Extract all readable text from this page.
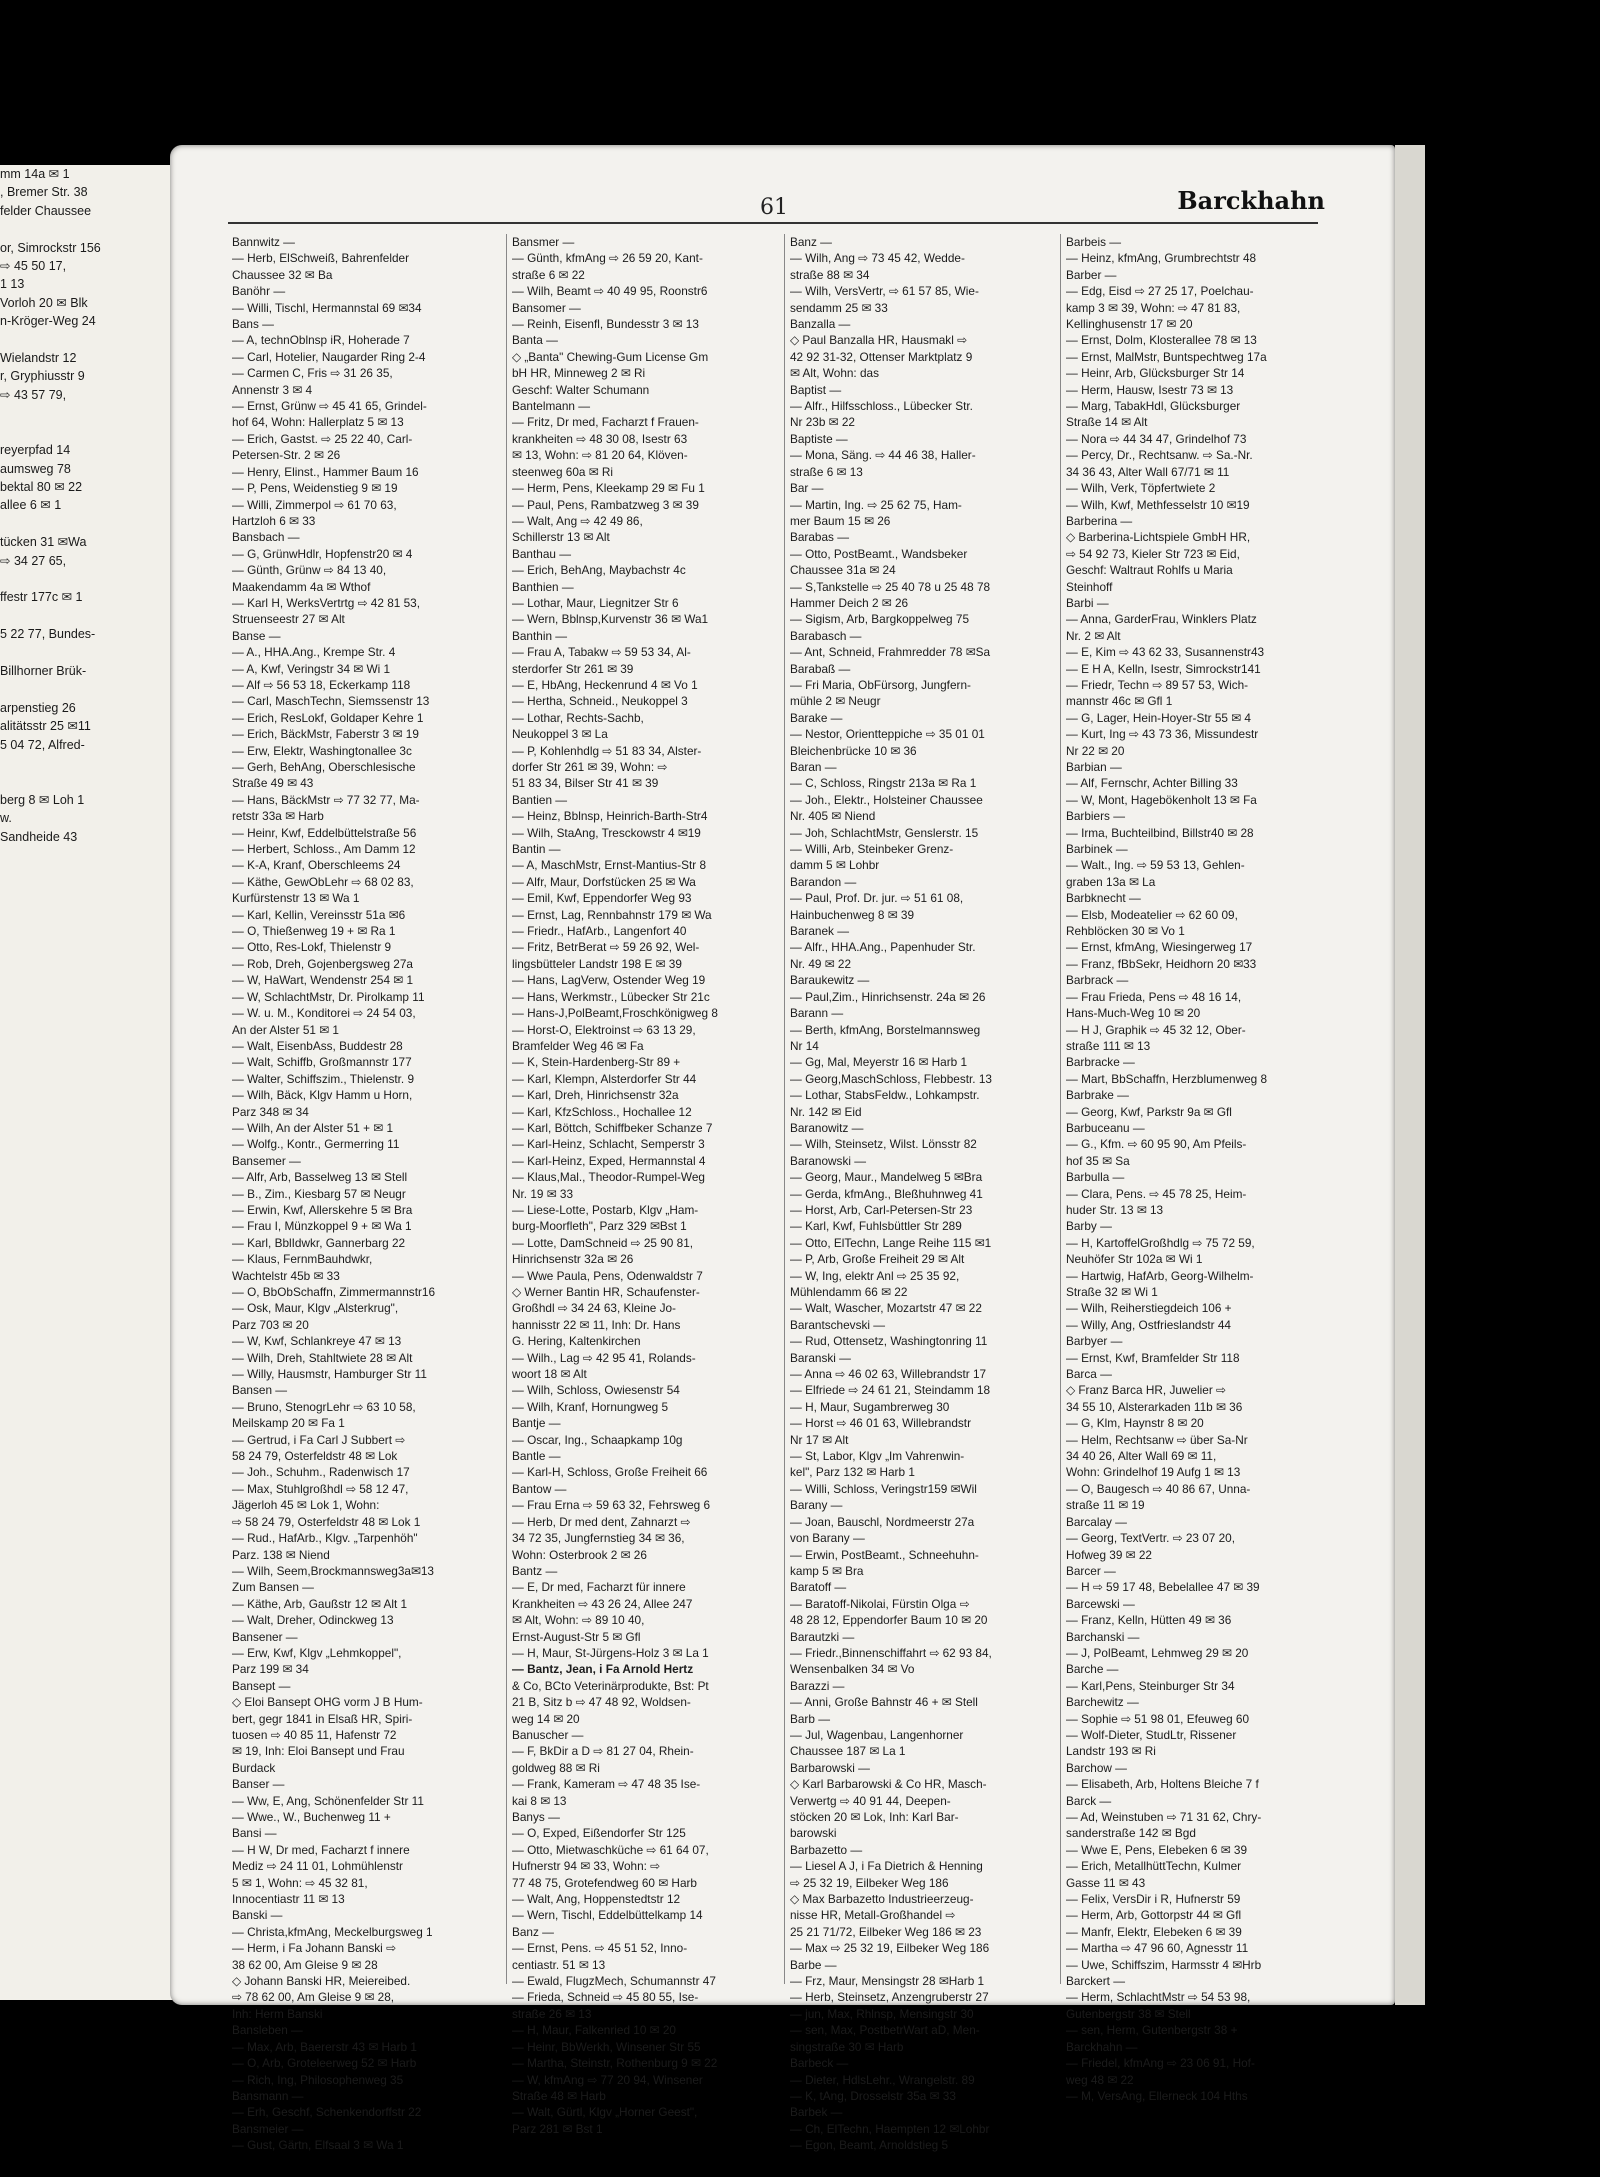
mm 14a ✉ 1
, Bremer Str. 38
felder Chaussee

or, Simrockstr 156
⇨ 45 50 17,
1 13
Vorloh 20 ✉ Blk
n-Kröger-Weg 24

Wielandstr 12
r, Gryphiusstr 9
⇨ 43 57 79,

reyerpfad 14
aumsweg 78
bektal 80 ✉ 22
allee 6 ✉ 1

tücken 31 ✉Wa
⇨ 34 27 65,

ffestr 177c ✉ 1

5 22 77, Bundes-

Billhorner Brük-

arpenstieg 26
alitätsstr 25 ✉11
5 04 72, Alfred-

berg 8 ✉ Loh 1
w.
Sandheide 43
61	Barckhahn
Bannwitz —
— Herb, ElSchweiß, Bahrenfelder
Chaussee 32 ✉ Ba
Banöhr —
— Willi, Tischl, Hermannstal 69 ✉34
Bans —
— A, technOblnsp iR, Hoherade 7
— Carl, Hotelier, Naugarder Ring 2-4
— Carmen C, Fris ⇨ 31 26 35,
Annenstr 3 ✉ 4
— Ernst, Grünw ⇨ 45 41 65, Grindel-
hof 64, Wohn: Hallerplatz 5 ✉ 13
— Erich, Gastst. ⇨ 25 22 40, Carl-
Petersen-Str. 2 ✉ 26
— Henry, Elinst., Hammer Baum 16
— P, Pens, Weidenstieg 9 ✉ 19
— Willi, Zimmerpol ⇨ 61 70 63,
Hartzloh 6 ✉ 33
Bansbach —
— G, GrünwHdlr, Hopfenstr20 ✉ 4
— Günth, Grünw ⇨ 84 13 40,
Maakendamm 4a ✉ Wthof
— Karl H, WerksVertrtg ⇨ 42 81 53,
Struenseestr 27 ✉ Alt
Banse —
— A., HHA.Ang., Krempe Str. 4
— A, Kwf, Veringstr 34 ✉ Wi 1
— Alf ⇨ 56 53 18, Eckerkamp 118
— Carl, MaschTechn, Siemssenstr 13
— Erich, ResLokf, Goldaper Kehre 1
— Erich, BäckMstr, Faberstr 3 ✉ 19
— Erw, Elektr, Washingtonallee 3c
— Gerh, BehAng, Oberschlesische
Straße 49 ✉ 43
— Hans, BäckMstr ⇨ 77 32 77, Ma-
retstr 33a ✉ Harb
— Heinr, Kwf, Eddelbüttelstraße 56
— Herbert, Schloss., Am Damm 12
— K-A, Kranf, Oberschleems 24
— Käthe, GewObLehr ⇨ 68 02 83,
Kurfürstenstr 13 ✉ Wa 1
— Karl, Kellin, Vereinsstr 51a ✉6
— O, Thießenweg 19 + ✉ Ra 1
— Otto, Res-Lokf, Thielenstr 9
— Rob, Dreh, Gojenbergsweg 27a
— W, HaWart, Wendenstr 254 ✉ 1
— W, SchlachtMstr, Dr. Pirolkamp 11
— W. u. M., Konditorei ⇨ 24 54 03,
An der Alster 51 ✉ 1
— Walt, EisenbAss, Buddestr 28
— Walt, Schiffb, Großmannstr 177
— Walter, Schiffszim., Thielenstr. 9
— Wilh, Bäck, Klgv Hamm u Horn,
Parz 348 ✉ 34
— Wilh, An der Alster 51 + ✉ 1
— Wolfg., Kontr., Germerring 11
Bansemer —
— Alfr, Arb, Basselweg 13 ✉ Stell
— B., Zim., Kiesbarg 57 ✉ Neugr
— Erwin, Kwf, Allerskehre 5 ✉ Bra
— Frau I, Münzkoppel 9 + ✉ Wa 1
— Karl, BblIdwkr, Gannerbarg 22
— Klaus, FernmBauhdwkr,
Wachtelstr 45b ✉ 33
— O, BbObSchaffn, Zimmermannstr16
— Osk, Maur, Klgv „Alsterkrug",
Parz 703 ✉ 20
— W, Kwf, Schlankreye 47 ✉ 13
— Wilh, Dreh, Stahltwiete 28 ✉ Alt
— Willy, Hausmstr, Hamburger Str 11
Bansen —
— Bruno, StenogrLehr ⇨ 63 10 58,
Meilskamp 20 ✉ Fa 1
— Gertrud, i Fa Carl J Subbert ⇨
58 24 79, Osterfeldstr 48 ✉ Lok
— Joh., Schuhm., Radenwisch 17
— Max, Stuhlgroßhdl ⇨ 58 12 47,
Jägerloh 45 ✉ Lok 1, Wohn:
⇨ 58 24 79, Osterfeldstr 48 ✉ Lok 1
— Rud., HafArb., Klgv. „Tarpenhöh"
Parz. 138 ✉ Niend
— Wilh, Seem,Brockmannsweg3a✉13
Zum Bansen —
— Käthe, Arb, Gaußstr 12 ✉ Alt 1
— Walt, Dreher, Odinckweg 13
Bansener —
— Erw, Kwf, Klgv „Lehmkoppel",
Parz 199 ✉ 34
Bansept —
◇ Eloi Bansept OHG vorm J B Hum-
bert, gegr 1841 in Elsaß HR, Spiri-
tuosen ⇨ 40 85 11, Hafenstr 72
✉ 19, Inh: Eloi Bansept und Frau
Burdack
Banser —
— Ww, E, Ang, Schönenfelder Str 11
— Wwe., W., Buchenweg 11 +
Bansi —
— H W, Dr med, Facharzt f innere
Mediz ⇨ 24 11 01, Lohmühlenstr
5 ✉ 1, Wohn: ⇨ 45 32 81,
Innocentiastr 11 ✉ 13
Banski —
— Christa,kfmAng, Meckelburgsweg 1
— Herm, i Fa Johann Banski ⇨
38 62 00, Am Gleise 9 ✉ 28
◇ Johann Banski HR, Meiereibed.
⇨ 78 62 00, Am Gleise 9 ✉ 28,
Inh: Herm Banski
Bansleben —
— Max, Arb, Baererstr 43 ✉ Harb 1
— O, Arb, Groteleerweg 52 ✉ Harb
— Rich, Ing, Philosophenweg 35
Bansmann —
— Erh, Geschf, Schenkendorffstr 22
Bansmeier —
— Gust, Gärtn, Elfsaal 3 ✉ Wa 1
Bansmer —
— Günth, kfmAng ⇨ 26 59 20, Kant-
straße 6 ✉ 22
— Wilh, Beamt ⇨ 40 49 95, Roonstr6
Bansomer —
— Reinh, Eisenfl, Bundesstr 3 ✉ 13
Banta —
◇ „Banta" Chewing-Gum License Gm
bH HR, Minneweg 2 ✉ Ri
Geschf: Walter Schumann
Bantelmann —
— Fritz, Dr med, Facharzt f Frauen-
krankheiten ⇨ 48 30 08, Isestr 63
✉ 13, Wohn: ⇨ 81 20 64, Klöven-
steenweg 60a ✉ Ri
— Herm, Pens, Kleekamp 29 ✉ Fu 1
— Paul, Pens, Rambatzweg 3 ✉ 39
— Walt, Ang ⇨ 42 49 86,
Schillerstr 13 ✉ Alt
Banthau —
— Erich, BehAng, Maybachstr 4c
Banthien —
— Lothar, Maur, Liegnitzer Str 6
— Wern, Bblnsp,Kurvenstr 36 ✉ Wa1
Banthin —
— Frau A, Tabakw ⇨ 59 53 34, Al-
sterdorfer Str 261 ✉ 39
— E, HbAng, Heckenrund 4 ✉ Vo 1
— Hertha, Schneid., Neukoppel 3
— Lothar, Rechts-Sachb,
Neukoppel 3 ✉ La
— P, Kohlenhdlg ⇨ 51 83 34, Alster-
dorfer Str 261 ✉ 39, Wohn: ⇨
51 83 34, Bilser Str 41 ✉ 39
Bantien —
— Heinz, Bblnsp, Heinrich-Barth-Str4
— Wilh, StaAng, Tresckowstr 4 ✉19
Bantin —
— A, MaschMstr, Ernst-Mantius-Str 8
— Alfr, Maur, Dorfstücken 25 ✉ Wa
— Emil, Kwf, Eppendorfer Weg 93
— Ernst, Lag, Rennbahnstr 179 ✉ Wa
— Friedr., HafArb., Langenfort 40
— Fritz, BetrBerat ⇨ 59 26 92, Wel-
lingsbütteler Landstr 198 E ✉ 39
— Hans, LagVerw, Ostender Weg 19
— Hans, Werkmstr., Lübecker Str 21c
— Hans-J,PolBeamt,Froschkönigweg 8
— Horst-O, Elektroinst ⇨ 63 13 29,
Bramfelder Weg 46 ✉ Fa
— K, Stein-Hardenberg-Str 89 +
— Karl, Klempn, Alsterdorfer Str 44
— Karl, Dreh, Hinrichsenstr 32a
— Karl, KfzSchloss., Hochallee 12
— Karl, Böttch, Schiffbeker Schanze 7
— Karl-Heinz, Schlacht, Semperstr 3
— Karl-Heinz, Exped, Hermannstal 4
— Klaus,Mal., Theodor-Rumpel-Weg
Nr. 19 ✉ 33
— Liese-Lotte, Postarb, Klgv „Ham-
burg-Moorfleth", Parz 329 ✉Bst 1
— Lotte, DamSchneid ⇨ 25 90 81,
Hinrichsenstr 32a ✉ 26
— Wwe Paula, Pens, Odenwaldstr 7
◇ Werner Bantin HR, Schaufenster-
Großhdl ⇨ 34 24 63, Kleine Jo-
hannisstr 22 ✉ 11, Inh: Dr. Hans
G. Hering, Kaltenkirchen
— Wilh., Lag ⇨ 42 95 41, Rolands-
woort 18 ✉ Alt
— Wilh, Schloss, Owiesenstr 54
— Wilh, Kranf, Hornungweg 5
Bantje —
— Oscar, Ing., Schaapkamp 10g
Bantle —
— Karl-H, Schloss, Große Freiheit 66
Bantow —
— Frau Erna ⇨ 59 63 32, Fehrsweg 6
— Herb, Dr med dent, Zahnarzt ⇨
34 72 35, Jungfernstieg 34 ✉ 36,
Wohn: Osterbrook 2 ✉ 26
Bantz —
— E, Dr med, Facharzt für innere
Krankheiten ⇨ 43 26 24, Allee 247
✉ Alt, Wohn: ⇨ 89 10 40,
Ernst-August-Str 5 ✉ Gfl
— H, Maur, St-Jürgens-Holz 3 ✉ La 1
— Bantz, Jean, i Fa Arnold Hertz
& Co, BCto Veterinärprodukte, Bst: Pt
21 B, Sitz b ⇨ 47 48 92, Woldsen-
weg 14 ✉ 20
Banuscher —
— F, BkDir a D ⇨ 81 27 04, Rhein-
goldweg 88 ✉ Ri
— Frank, Kameram ⇨ 47 48 35 Ise-
kai 8 ✉ 13
Banys —
— O, Exped, Eißendorfer Str 125
— Otto, Mietwaschküche ⇨ 61 64 07,
Hufnerstr 94 ✉ 33, Wohn: ⇨
77 48 75, Grotefendweg 60 ✉ Harb
— Walt, Ang, Hoppenstedtstr 12
— Wern, Tischl, Eddelbüttelkamp 14
Banz —
— Ernst, Pens. ⇨ 45 51 52, Inno-
centiastr. 51 ✉ 13
— Ewald, FlugzMech, Schumannstr 47
— Frieda, Schneid ⇨ 45 80 55, Ise-
straße 26 ✉ 13
— H, Maur, Falkenried 10 ✉ 20
— Heinr, BbWerkh, Winsener Str 55
— Martha, Steinstr, Rothenburg 9 ✉ 22
— W, kfmAng ⇨ 77 20 94, Winsener
Straße 48 ✉ Harb
— Walt, Gürtl, Klgv „Horner Geest",
Parz 281 ✉ Bst 1
Banz —
— Wilh, Ang ⇨ 73 45 42, Wedde-
straße 88 ✉ 34
— Wilh, VersVertr, ⇨ 61 57 85, Wie-
sendamm 25 ✉ 33
Banzalla —
◇ Paul Banzalla HR, Hausmakl ⇨
42 92 31-32, Ottenser Marktplatz 9
✉ Alt, Wohn: das
Baptist —
— Alfr., Hilfsschloss., Lübecker Str.
Nr 23b ✉ 22
Baptiste —
— Mona, Säng. ⇨ 44 46 38, Haller-
straße 6 ✉ 13
Bar —
— Martin, Ing. ⇨ 25 62 75, Ham-
mer Baum 15 ✉ 26
Barabas —
— Otto, PostBeamt., Wandsbeker
Chaussee 31a ✉ 24
— S,Tankstelle ⇨ 25 40 78 u 25 48 78
Hammer Deich 2 ✉ 26
— Sigism, Arb, Bargkoppelweg 75
Barabasch —
— Ant, Schneid, Frahmredder 78 ✉Sa
Barabaß —
— Fri Maria, ObFürsorg, Jungfern-
mühle 2 ✉ Neugr
Barake —
— Nestor, Orientteppiche ⇨ 35 01 01
Bleichenbrücke 10 ✉ 36
Baran —
— C, Schloss, Ringstr 213a ✉ Ra 1
— Joh., Elektr., Holsteiner Chaussee
Nr. 405 ✉ Niend
— Joh, SchlachtMstr, Genslerstr. 15
— Willi, Arb, Steinbeker Grenz-
damm 5 ✉ Lohbr
Barandon —
— Paul, Prof. Dr. jur. ⇨ 51 61 08,
Hainbuchenweg 8 ✉ 39
Baranek —
— Alfr., HHA.Ang., Papenhuder Str.
Nr. 49 ✉ 22
Baraukewitz —
— Paul,Zim., Hinrichsenstr. 24a ✉ 26
Barann —
— Berth, kfmAng, Borstelmannsweg
Nr 14
— Gg, Mal, Meyerstr 16 ✉ Harb 1
— Georg,MaschSchloss, Flebbestr. 13
— Lothar, StabsFeldw., Lohkampstr.
Nr. 142 ✉ Eid
Baranowitz —
— Wilh, Steinsetz, Wilst. Lönsstr 82
Baranowski —
— Georg, Maur., Mandelweg 5 ✉Bra
— Gerda, kfmAng., Bleßhuhnweg 41
— Horst, Arb, Carl-Petersen-Str 23
— Karl, Kwf, Fuhlsbüttler Str 289
— Otto, ElTechn, Lange Reihe 115 ✉1
— P, Arb, Große Freiheit 29 ✉ Alt
— W, Ing, elektr Anl ⇨ 25 35 92,
Mühlendamm 66 ✉ 22
— Walt, Wascher, Mozartstr 47 ✉ 22
Barantschevski —
— Rud, Ottensetz, Washingtonring 11
Baranski —
— Anna ⇨ 46 02 63, Willebrandstr 17
— Elfriede ⇨ 24 61 21, Steindamm 18
— H, Maur, Sugambrerweg 30
— Horst ⇨ 46 01 63, Willebrandstr
Nr 17 ✉ Alt
— St, Labor, Klgv „Im Vahrenwin-
kel", Parz 132 ✉ Harb 1
— Willi, Schloss, Veringstr159 ✉Wil
Barany —
— Joan, Bauschl, Nordmeerstr 27a
von Barany —
— Erwin, PostBeamt., Schneehuhn-
kamp 5 ✉ Bra
Baratoff —
— Baratoff-Nikolai, Fürstin Olga ⇨
48 28 12, Eppendorfer Baum 10 ✉ 20
Barautzki —
— Friedr.,Binnenschiffahrt ⇨ 62 93 84,
Wensenbalken 34 ✉ Vo
Barazzi —
— Anni, Große Bahnstr 46 + ✉ Stell
Barb —
— Jul, Wagenbau, Langenhorner
Chaussee 187 ✉ La 1
Barbarowski —
◇ Karl Barbarowski & Co HR, Masch-
Verwertg ⇨ 40 91 44, Deepen-
stöcken 20 ✉ Lok, Inh: Karl Bar-
barowski
Barbazetto —
— Liesel A J, i Fa Dietrich & Henning
⇨ 25 32 19, Eilbeker Weg 186
◇ Max Barbazetto Industrieerzeug-
nisse HR, Metall-Großhandel ⇨
25 21 71/72, Eilbeker Weg 186 ✉ 23
— Max ⇨ 25 32 19, Eilbeker Weg 186
Barbe —
— Frz, Maur, Mensingstr 28 ✉Harb 1
— Herb, Steinsetz, Anzengruberstr 27
— jun, Max, Rhlnsp, Mensingstr 30
— sen, Max, PostbetrWart aD, Men-
singstraße 30 ✉ Harb
Barbeck —
— Dieter, HdlsLehr., Wrangelstr. 89
— K, tAng, Drosselstr 35a ✉ 33
Barbek —
— Ch, ElTechn, Haempten 12 ✉Lohbr
— Egon, Beamt, Arnoldstieg 5
Barbeis —
— Heinz, kfmAng, Grumbrechtstr 48
Barber —
— Edg, Eisd ⇨ 27 25 17, Poelchau-
kamp 3 ✉ 39, Wohn: ⇨ 47 81 83,
Kellinghusenstr 17 ✉ 20
— Ernst, Dolm, Klosterallee 78 ✉ 13
— Ernst, MalMstr, Buntspechtweg 17a
— Heinr, Arb, Glücksburger Str 14
— Herm, Hausw, Isestr 73 ✉ 13
— Marg, TabakHdl, Glücksburger
Straße 14 ✉ Alt
— Nora ⇨ 44 34 47, Grindelhof 73
— Percy, Dr., Rechtsanw. ⇨ Sa.-Nr.
34 36 43, Alter Wall 67/71 ✉ 11
— Wilh, Verk, Töpfertwiete 2
— Wilh, Kwf, Methfesselstr 10 ✉19
Barberina —
◇ Barberina-Lichtspiele GmbH HR,
⇨ 54 92 73, Kieler Str 723 ✉ Eid,
Geschf: Waltraut Rohlfs u Maria
Steinhoff
Barbi —
— Anna, GarderFrau, Winklers Platz
Nr. 2 ✉ Alt
— E, Kim ⇨ 43 62 33, Susannenstr43
— E H A, Kelln, Isestr, Simrockstr141
— Friedr, Techn ⇨ 89 57 53, Wich-
mannstr 46c ✉ Gfl 1
— G, Lager, Hein-Hoyer-Str 55 ✉ 4
— Kurt, Ing ⇨ 43 73 36, Missundestr
Nr 22 ✉ 20
Barbian —
— Alf, Fernschr, Achter Billing 33
— W, Mont, Hagebökenholt 13 ✉ Fa
Barbiers —
— Irma, Buchteilbind, Billstr40 ✉ 28
Barbinek —
— Walt., Ing. ⇨ 59 53 13, Gehlen-
graben 13a ✉ La
Barbknecht —
— Elsb, Modeatelier ⇨ 62 60 09,
Rehblöcken 30 ✉ Vo 1
— Ernst, kfmAng, Wiesingerweg 17
— Franz, fBbSekr, Heidhorn 20 ✉33
Barbrack —
— Frau Frieda, Pens ⇨ 48 16 14,
Hans-Much-Weg 10 ✉ 20
— H J, Graphik ⇨ 45 32 12, Ober-
straße 111 ✉ 13
Barbracke —
— Mart, BbSchaffn, Herzblumenweg 8
Barbrake —
— Georg, Kwf, Parkstr 9a ✉ Gfl
Barbuceanu —
— G., Kfm. ⇨ 60 95 90, Am Pfeils-
hof 35 ✉ Sa
Barbulla —
— Clara, Pens. ⇨ 45 78 25, Heim-
huder Str. 13 ✉ 13
Barby —
— H, KartoffelGroßhdlg ⇨ 75 72 59,
Neuhöfer Str 102a ✉ Wi 1
— Hartwig, HafArb, Georg-Wilhelm-
Straße 32 ✉ Wi 1
— Wilh, Reiherstiegdeich 106 +
— Willy, Ang, Ostfrieslandstr 44
Barbyer —
— Ernst, Kwf, Bramfelder Str 118
Barca —
◇ Franz Barca HR, Juwelier ⇨
34 55 10, Alsterarkaden 11b ✉ 36
— G, Klm, Haynstr 8 ✉ 20
— Helm, Rechtsanw ⇨ über Sa-Nr
34 40 26, Alter Wall 69 ✉ 11,
Wohn: Grindelhof 19 Aufg 1 ✉ 13
— O, Baugesch ⇨ 40 86 67, Unna-
straße 11 ✉ 19
Barcalay —
— Georg, TextVertr. ⇨ 23 07 20,
Hofweg 39 ✉ 22
Barcer —
— H ⇨ 59 17 48, Bebelallee 47 ✉ 39
Barcewski —
— Franz, Kelln, Hütten 49 ✉ 36
Barchanski —
— J, PolBeamt, Lehmweg 29 ✉ 20
Barche —
— Karl,Pens, Steinburger Str 34
Barchewitz —
— Sophie ⇨ 51 98 01, Efeuweg 60
— Wolf-Dieter, StudLtr, Rissener
Landstr 193 ✉ Ri
Barchow —
— Elisabeth, Arb, Holtens Bleiche 7 f
Barck —
— Ad, Weinstuben ⇨ 71 31 62, Chry-
sanderstraße 142 ✉ Bgd
— Wwe E, Pens, Elebeken 6 ✉ 39
— Erich, MetallhüttTechn, Kulmer
Gasse 11 ✉ 43
— Felix, VersDir i R, Hufnerstr 59
— Herm, Arb, Gottorpstr 44 ✉ Gfl
— Manfr, Elektr, Elebeken 6 ✉ 39
— Martha ⇨ 47 96 60, Agnesstr 11
— Uwe, Schiffszim, Harmsstr 4 ✉Hrb
Barckert —
— Herm, SchlachtMstr ⇨ 54 53 98,
Gutenbergstr 38 ✉ Stell
— sen, Herm, Gutenbergstr 38 +
Barckhahn —
— Friedel, kfmAng ⇨ 23 06 91, Hof-
weg 48 ✉ 22
— M, VersAng, Ellerneck 104 Hths
